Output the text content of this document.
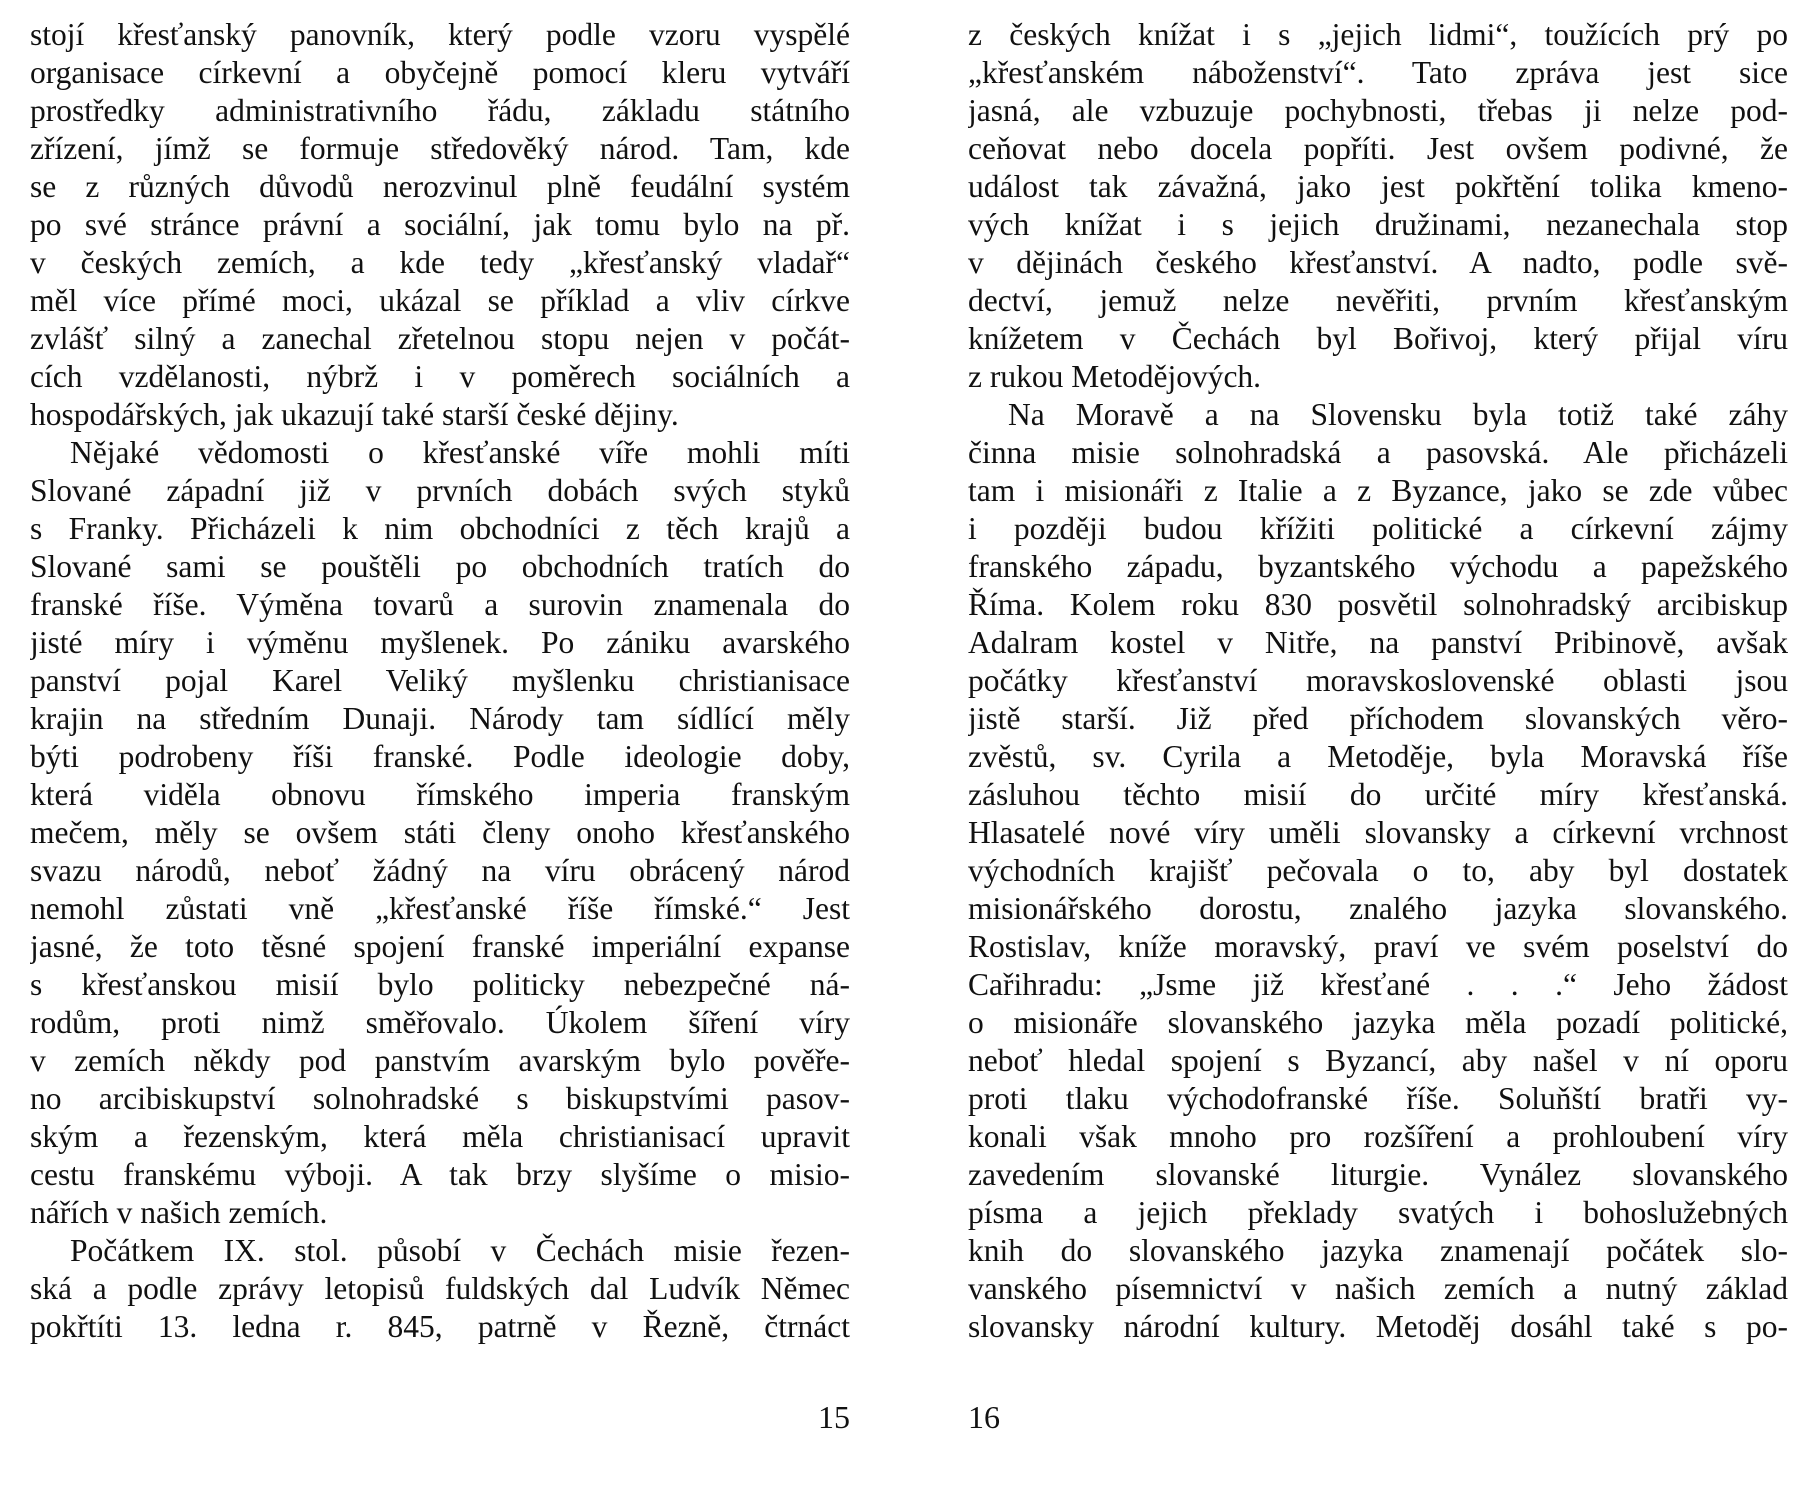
stojí křesťanský panovník, který podle vzoru vyspělé
organisace církevní a obyčejně pomocí kleru vytváří
prostředky administrativního řádu, základu státního
zřízení, jímž se formuje středověký národ. Tam, kde
se z různých důvodů nerozvinul plně feudální systém
po své stránce právní a sociální, jak tomu bylo na př.
v českých zemích, a kde tedy „křesťanský vladař“
měl více přímé moci, ukázal se příklad a vliv církve
zvlášť silný a zanechal zřetelnou stopu nejen v počát-
cích vzdělanosti, nýbrž i v poměrech sociálních a
hospodářských, jak ukazují také starší české dějiny.
Nějaké vědomosti o křesťanské víře mohli míti
Slované západní již v prvních dobách svých styků
s Franky. Přicházeli k nim obchodníci z těch krajů a
Slované sami se pouštěli po obchodních tratích do
franské říše. Výměna tovarů a surovin znamenala do
jisté míry i výměnu myšlenek. Po zániku avarského
panství pojal Karel Veliký myšlenku christianisace
krajin na středním Dunaji. Národy tam sídlící měly
býti podrobeny říši franské. Podle ideologie doby,
která viděla obnovu římského imperia franským
mečem, měly se ovšem státi členy onoho křesťanského
svazu národů, neboť žádný na víru obrácený národ
nemohl zůstati vně „křesťanské říše římské.“ Jest
jasné, že toto těsné spojení franské imperiální expanse
s křesťanskou misií bylo politicky nebezpečné ná-
rodům, proti nimž směřovalo. Úkolem šíření víry
v zemích někdy pod panstvím avarským bylo pověře-
no arcibiskupství solnohradské s biskupstvími pasov-
ským a řezenským, která měla christianisací upravit
cestu franskému výboji. A tak brzy slyšíme o misio-
nářích v našich zemích.
Počátkem IX. stol. působí v Čechách misie řezen-
ská a podle zprávy letopisů fuldských dal Ludvík Němec
pokřtíti 13. ledna r. 845, patrně v Řezně, čtrnáct
15
z českých knížat i s „jejich lidmi“, toužících prý po
„křesťanském náboženství“. Tato zpráva jest sice
jasná, ale vzbuzuje pochybnosti, třebas ji nelze pod-
ceňovat nebo docela popříti. Jest ovšem podivné, že
událost tak závažná, jako jest pokřtění tolika kmeno-
vých knížat i s jejich družinami, nezanechala stop
v dějinách českého křesťanství. A nadto, podle svě-
dectví, jemuž nelze nevěřiti, prvním křesťanským
knížetem v Čechách byl Bořivoj, který přijal víru
z rukou Metodějových.
Na Moravě a na Slovensku byla totiž také záhy
činna misie solnohradská a pasovská. Ale přicházeli
tam i misionáři z Italie a z Byzance, jako se zde vůbec
i později budou křížiti politické a církevní zájmy
franského západu, byzantského východu a papežského
Říma. Kolem roku 830 posvětil solnohradský arcibiskup
Adalram kostel v Nitře, na panství Pribinově, avšak
počátky křesťanství moravskoslovenské oblasti jsou
jistě starší. Již před příchodem slovanských věro-
zvěstů, sv. Cyrila a Metoděje, byla Moravská říše
zásluhou těchto misií do určité míry křesťanská.
Hlasatelé nové víry uměli slovansky a církevní vrchnost
východních krajišť pečovala o to, aby byl dostatek
misionářského dorostu, znalého jazyka slovanského.
Rostislav, kníže moravský, praví ve svém poselství do
Cařihradu: „Jsme již křesťané . . .“ Jeho žádost
o misionáře slovanského jazyka měla pozadí politické,
neboť hledal spojení s Byzancí, aby našel v ní oporu
proti tlaku východofranské říše. Soluňští bratři vy-
konali však mnoho pro rozšíření a prohloubení víry
zavedením slovanské liturgie. Vynález slovanského
písma a jejich překlady svatých i bohoslužebných
knih do slovanského jazyka znamenají počátek slo-
vanského písemnictví v našich zemích a nutný základ
slovansky národní kultury. Metoděj dosáhl také s po-
16
